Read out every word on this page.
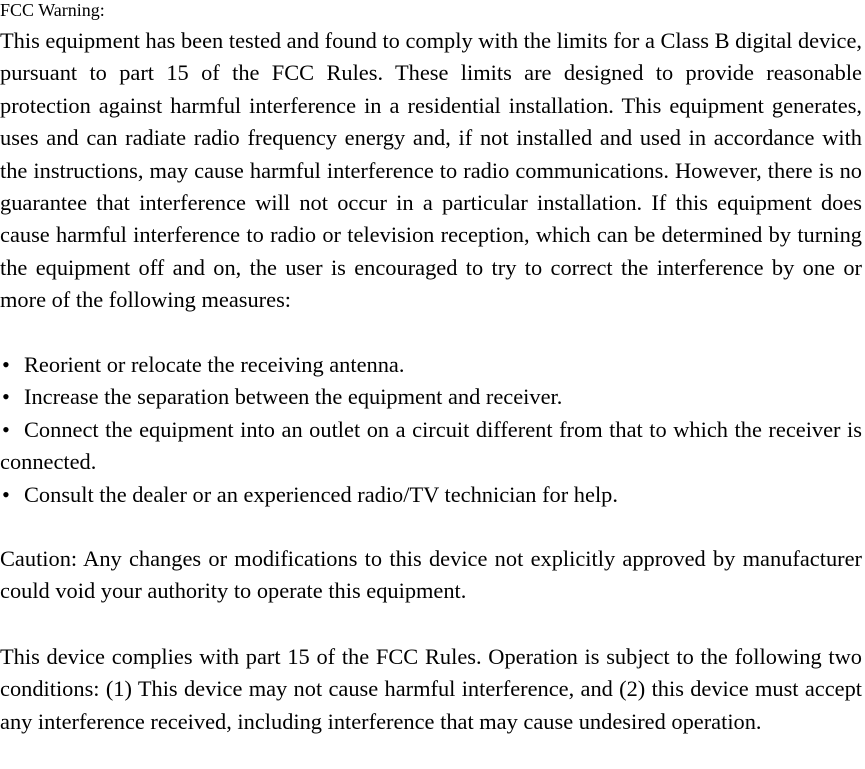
FCC Warning:

This equipment has been tested and found to comply with the limits for a Class B digital device, pursuant to part 15 of the FCC Rules. These limits are designed to provide reasonable protection against harmful interference in a residential installation. This equipment generates, uses and can radiate radio frequency energy and, if not installed and used in accordance with the instructions, may cause harmful interference to radio communications. However, there is no guarantee that interference will not occur in a particular installation. If this equipment does cause harmful interference to radio or television reception, which can be determined by turning the equipment off and on, the user is encouraged to try to correct the interference by one or more of the following measures:

• Reorient or relocate the receiving antenna.
• Increase the separation between the equipment and receiver.
• Connect the equipment into an outlet on a circuit different from that to which the receiver is connected.
• Consult the dealer or an experienced radio/TV technician for help.

Caution: Any changes or modifications to this device not explicitly approved by manufacturer could void your authority to operate this equipment.

This device complies with part 15 of the FCC Rules. Operation is subject to the following two conditions: (1) This device may not cause harmful interference, and (2) this device must accept any interference received, including interference that may cause undesired operation.
